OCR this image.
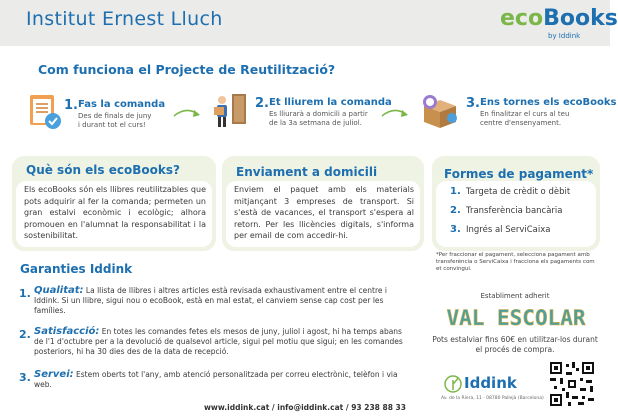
Institut Ernest Lluch	ecoBooks
by Iddink
Com funciona el Projecte de Reutilització?
1. Fas la comanda
Des de finals de juny
i durant tot el curs!
2. Et lliurem la comanda
Es lliurarà a domicili a partir
de la 3a setmana de juliol.
3. Ens tornes els ecoBooks
En finalitzar el curs al teu
centre d'ensenyament.
Què són els ecoBooks?
Els ecoBooks són els llibres reutilitzables que pots adquirir al fer la comanda; permeten un gran estalvi econòmic i ecològic; alhora promouen en l'alumnat la responsabilitat i la sostenibilitat.
Enviament a domicili
Enviem el paquet amb els materials mitjançant 3 empreses de transport. Si s'està de vacances, el transport s'espera al retorn. Per les llicències digitals, s'informa per email de com accedir-hi.
Formes de pagament*
1. Targeta de crèdit o dèbit
2. Transferència bancària
3. Ingrés al ServiCaixa
*Per fraccionar el pagament, selecciona pagament amb transferència o ServiCaixa i fracciona els pagaments com et convingui.
Garanties Iddink
1. Qualitat: La llista de llibres i altres articles està revisada exhaustivament entre el centre i Iddink. Si un llibre, sigui nou o ecoBook, està en mal estat, el canviem sense cap cost per les famílies.
2. Satisfacció: En totes les comandes fetes els mesos de juny, juliol i agost, hi ha temps abans de l'1 d'octubre per a la devolució de qualsevol article, sigui pel motiu que sigui; en les comandes posteriors, hi ha 30 dies des de la data de recepció.
3. Servei: Estem oberts tot l'any, amb atenció personalitzada per correu electrònic, telèfon i via web.
Establiment adherit
VAL ESCOLAR
Pots estalviar fins 60€ en utilitzar-los durant el procés de compra.
Iddink
Av. de la Riera, 11 · 08780 Pallejà (Barcelona)
www.iddink.cat / info@iddink.cat / 93 238 88 33
